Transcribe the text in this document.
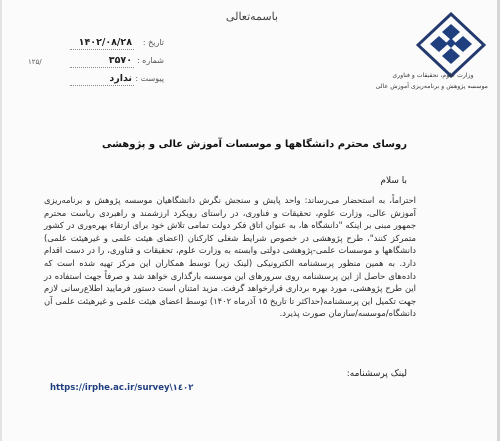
وزارت علوم، تحقیقات و فناوری
موسسه پژوهش و برنامه‌ریزی آموزش عالی
باسمه‌تعالی
تاریخ :
۱۴۰۲/۰۸/۲۸
شماره :
۳۵۷۰
۱۲۵/
پیوست :
ندارد
روسای محترم دانشگاهها و موسسات آموزش عالی و پژوهشی
با سلام

احتراماً، به استحضار می‌رساند: واحد پایش و سنجش نگرش دانشگاهیان موسسه پژوهش و برنامه‌ریزی آموزش عالی، وزارت علوم، تحقیقات و فناوری، در راستای رویکرد ارزشمند و راهبردی ریاست محترم جمهور مبنی بر اینکه "دانشگاه ها، به عنوان اتاق فکر دولت تمامی تلاش خود برای ارتقاء بهره‌وری در کشور متمرکز کنند"، طرح پژوهشی در خصوص شرایط شغلی کارکنان (اعضای هیئت علمی و غیرهیئت علمی) دانشگاهها و موسسات علمی-پژوهشی دولتی وابسته به وزارت علوم، تحقیقات و فناوری، را در دست اقدام دارد. به همین منظور پرسشنامه الکترونیکی (لینک زیر) توسط همکاران این مرکز تهیه شده است که داده‌های حاصل از این پرسشنامه روی سرورهای این موسسه بارگذاری خواهد شد و صرفاً جهت استفاده در این طرح پژوهشی، مورد بهره برداری قرارخواهد گرفت. مزید امتنان است دستور فرمایید اطلاع‌رسانی لازم جهت تکمیل این پرسشنامه(حداکثر تا تاریخ ۱۵ آذرماه ۱۴۰۲) توسط اعضای هیئت علمی و غیرهیئت علمی آن دانشگاه/موسسه/سازمان صورت پذیرد.

لینک پرسشنامه:
https://irphe.ac.ir/survey\۱٤۰۲
